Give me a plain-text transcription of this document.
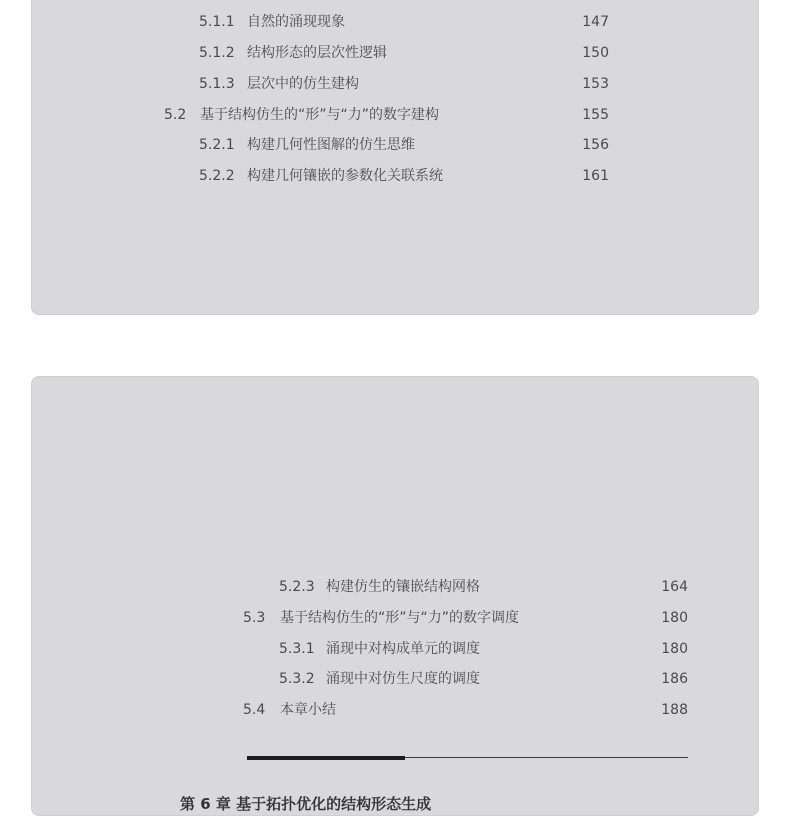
5.1.1 自然的涌现现象	147
5.1.2 结构形态的层次性逻辑	150
5.1.3 层次中的仿生建构	153
5.2 基于结构仿生的“形”与“力”的数字建构	155
5.2.1 构建几何性图解的仿生思维	156
5.2.2 构建几何镶嵌的参数化关联系统	161
5.2.3 构建仿生的镶嵌结构网格	164
5.3 基于结构仿生的“形”与“力”的数字调度	180
5.3.1 涌现中对构成单元的调度	180
5.3.2 涌现中对仿生尺度的调度	186
5.4 本章小结	188
第 6 章 基于拓扑优化的结构形态生成
